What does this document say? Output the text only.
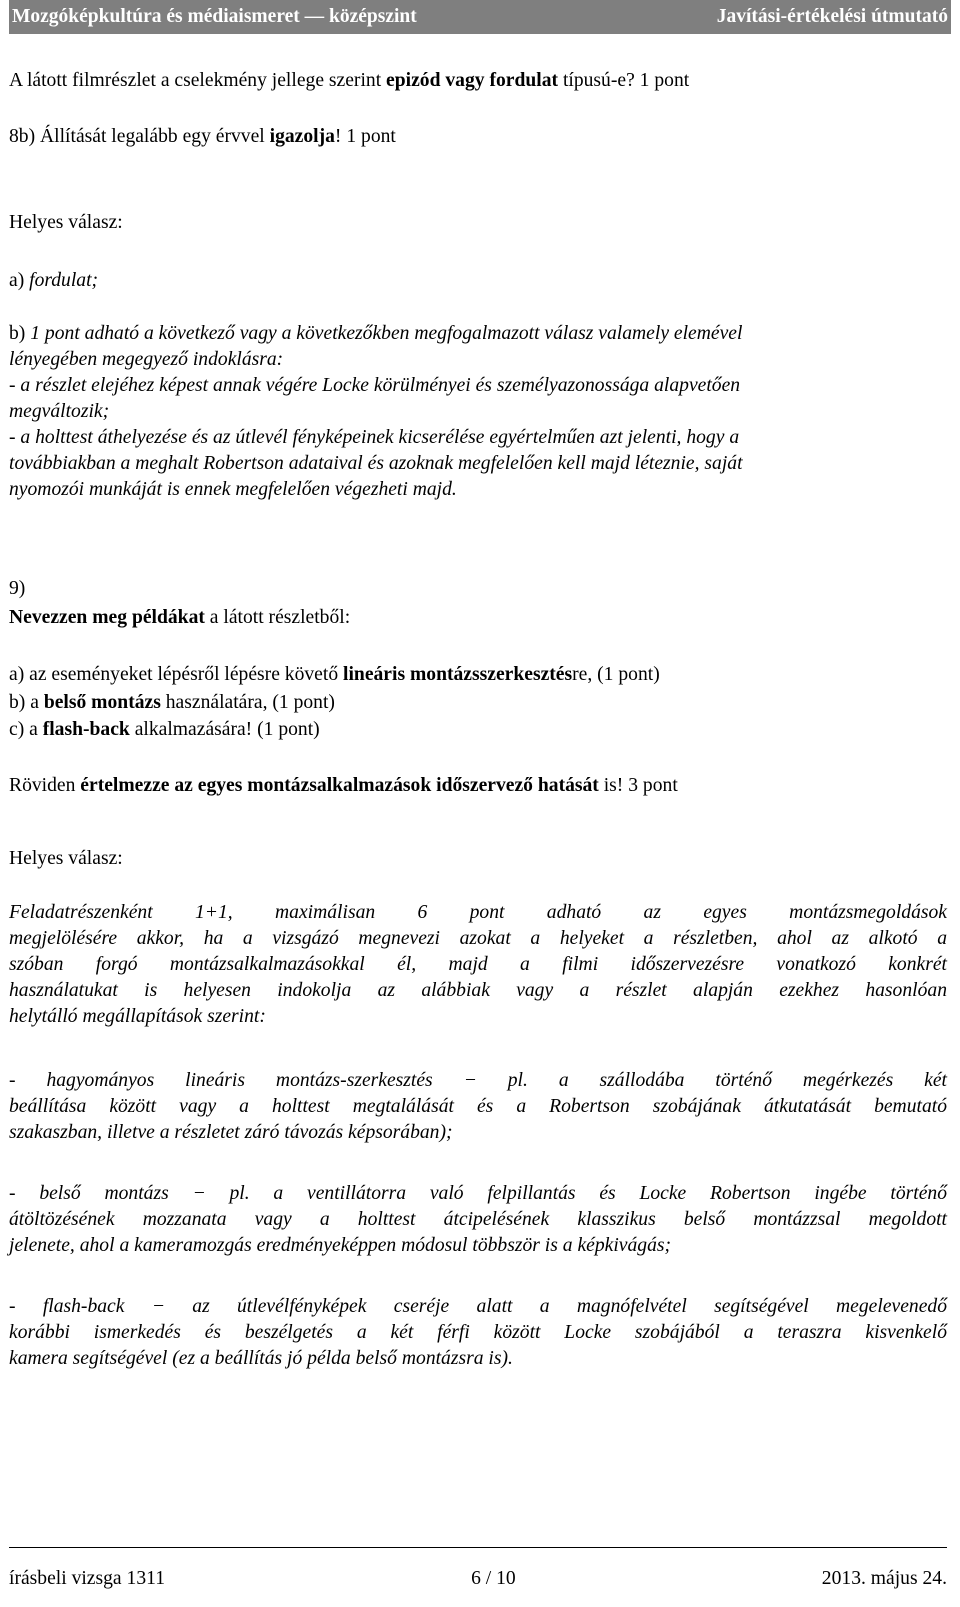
Mozgóképkultúra és médiaismeret — középszint	Javítási-értékelési útmutató

A látott filmrészlet a cselekmény jellege szerint epizód vagy fordulat típusú-e? 1 pont

8b) Állítását legalább egy érvvel igazolja! 1 pont

Helyes válasz:

a) fordulat;

b) 1 pont adható a következő vagy a következőkben megfogalmazott válasz valamely elemével
lényegében megegyező indoklásra:
- a részlet elejéhez képest annak végére Locke körülményei és személyazonossága alapvetően
megváltozik;
- a holttest áthelyezése és az útlevél fényképeinek kicserélése egyértelműen azt jelenti, hogy a
továbbiakban a meghalt Robertson adataival és azoknak megfelelően kell majd léteznie, saját
nyomozói munkáját is ennek megfelelően végezheti majd.

9)

Nevezzen meg példákat a látott részletből:

a) az eseményeket lépésről lépésre követő lineáris montázsszerkesztésre, (1 pont)

b) a belső montázs használatára, (1 pont)

c) a flash-back alkalmazására! (1 pont)

Röviden értelmezze az egyes montázsalkalmazások időszervező hatását is! 3 pont

Helyes válasz:

Feladatrészenként 1+1, maximálisan 6 pont adható az egyes montázsmegoldások
megjelölésére akkor, ha a vizsgázó megnevezi azokat a helyeket a részletben, ahol az alkotó a
szóban forgó montázsalkalmazásokkal él, majd a filmi időszervezésre vonatkozó konkrét
használatukat is helyesen indokolja az alábbiak vagy a részlet alapján ezekhez hasonlóan
helytálló megállapítások szerint:
- hagyományos lineáris montázs-szerkesztés − pl. a szállodába történő megérkezés két
beállítása között vagy a holttest megtalálását és a Robertson szobájának átkutatását bemutató
szakaszban, illetve a részletet záró távozás képsorában);
- belső montázs − pl. a ventillátorra való felpillantás és Locke Robertson ingébe történő
átöltözésének mozzanata vagy a holttest átcipelésének klasszikus belső montázzsal megoldott
jelenete, ahol a kameramozgás eredményeképpen módosul többször is a képkivágás;
- flash-back − az útlevélfényképek cseréje alatt a magnófelvétel segítségével megelevenedő
korábbi ismerkedés és beszélgetés a két férfi között Locke szobájából a teraszra kisvenkelő
kamera segítségével (ez a beállítás jó példa belső montázsra is).
írásbeli vizsga 1311	6 / 10	2013. május 24.
